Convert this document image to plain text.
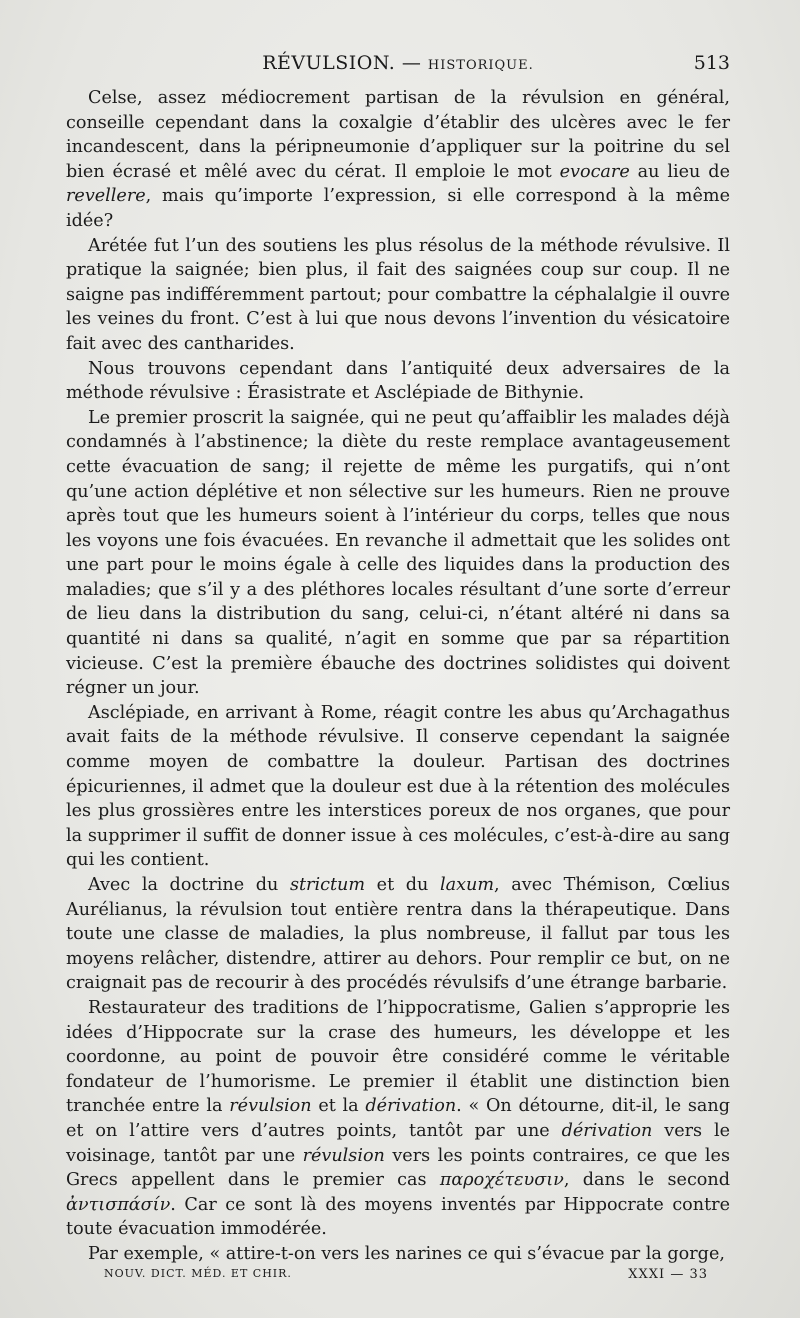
RÉVULSION. — HISTORIQUE.	513

Celse, assez médiocrement partisan de la révulsion en général, conseille cependant dans la coxalgie d’établir des ulcères avec le fer incandescent, dans la péripneumonie d’appliquer sur la poitrine du sel bien écrasé et mêlé avec du cérat. Il emploie le mot evocare au lieu de revellere, mais qu’importe l’expression, si elle correspond à la même idée?

Arétée fut l’un des soutiens les plus résolus de la méthode révulsive. Il pratique la saignée; bien plus, il fait des saignées coup sur coup. Il ne saigne pas indifféremment partout; pour combattre la céphalalgie il ouvre les veines du front. C’est à lui que nous devons l’invention du vésicatoire fait avec des cantharides.

Nous trouvons cependant dans l’antiquité deux adversaires de la méthode révulsive : Érasistrate et Asclépiade de Bithynie.

Le premier proscrit la saignée, qui ne peut qu’affaiblir les malades déjà condamnés à l’abstinence; la diète du reste remplace avantageusement cette évacuation de sang; il rejette de même les purgatifs, qui n’ont qu’une action déplétive et non sélective sur les humeurs. Rien ne prouve après tout que les humeurs soient à l’intérieur du corps, telles que nous les voyons une fois évacuées. En revanche il admettait que les solides ont une part pour le moins égale à celle des liquides dans la production des maladies; que s’il y a des pléthores locales résultant d’une sorte d’erreur de lieu dans la distribution du sang, celui-ci, n’étant altéré ni dans sa quantité ni dans sa qualité, n’agit en somme que par sa répartition vicieuse. C’est la première ébauche des doctrines solidistes qui doivent régner un jour.

Asclépiade, en arrivant à Rome, réagit contre les abus qu’Archagathus avait faits de la méthode révulsive. Il conserve cependant la saignée comme moyen de combattre la douleur. Partisan des doctrines épicuriennes, il admet que la douleur est due à la rétention des molécules les plus grossières entre les interstices poreux de nos organes, que pour la supprimer il suffit de donner issue à ces molécules, c’est-à-dire au sang qui les contient.

Avec la doctrine du strictum et du laxum, avec Thémison, Cœlius Aurélianus, la révulsion tout entière rentra dans la thérapeutique. Dans toute une classe de maladies, la plus nombreuse, il fallut par tous les moyens relâcher, distendre, attirer au dehors. Pour remplir ce but, on ne craignait pas de recourir à des procédés révulsifs d’une étrange barbarie.

Restaurateur des traditions de l’hippocratisme, Galien s’approprie les idées d’Hippocrate sur la crase des humeurs, les développe et les coordonne, au point de pouvoir être considéré comme le véritable fondateur de l’humorisme. Le premier il établit une distinction bien tranchée entre la révulsion et la dérivation. « On détourne, dit-il, le sang et on l’attire vers d’autres points, tantôt par une dérivation vers le voisinage, tantôt par une révulsion vers les points contraires, ce que les Grecs appellent dans le premier cas παροχέτευσιν, dans le second ἀντισπάσίν. Car ce sont là des moyens inventés par Hippocrate contre toute évacuation immodérée.

Par exemple, « attire-t-on vers les narines ce qui s’évacue par la gorge,

NOUV. DICT. MÉD. ET CHIR.	XXXI — 33
